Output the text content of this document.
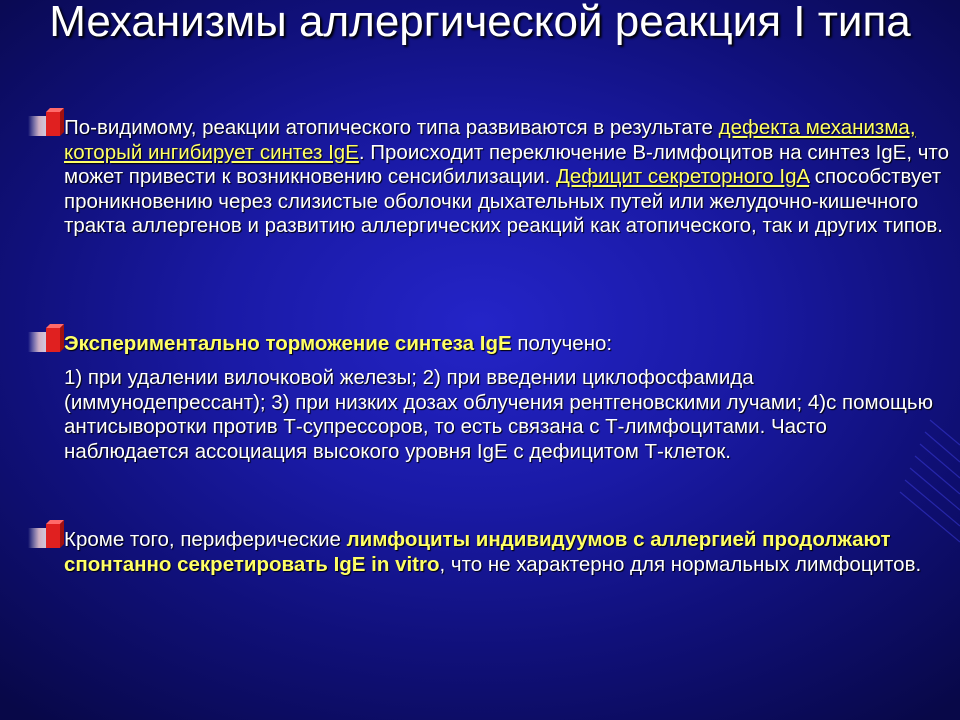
Механизмы аллергической реакция I типа

По-видимому, реакции атопического типа развиваются в результате дефекта механизма, который ингибирует синтез IgE. Происходит переключение В-лимфоцитов на синтез IgE, что может привести к возникновению сенсибилизации. Дефицит секреторного IgA способствует проникновению через слизистые оболочки дыхательных путей или желудочно-кишечного тракта аллергенов и развитию аллергических реакций как атопического, так и других типов.

Экспериментально торможение синтеза IgE получено:

1) при удалении вилочковой железы; 2) при введении циклофосфамида (иммунодепрессант); 3) при низких дозах облучения рентгеновскими лучами; 4)с помощью антисыворотки против Т-супрессоров, то есть связана с Т-лимфоцитами. Часто наблюдается ассоциация высокого уровня IgE с дефицитом Т-клеток.

Кроме того, периферические лимфоциты индивидуумов с аллергией продолжают спонтанно секретировать IgE in vitro, что не характерно для нормальных лимфоцитов.
